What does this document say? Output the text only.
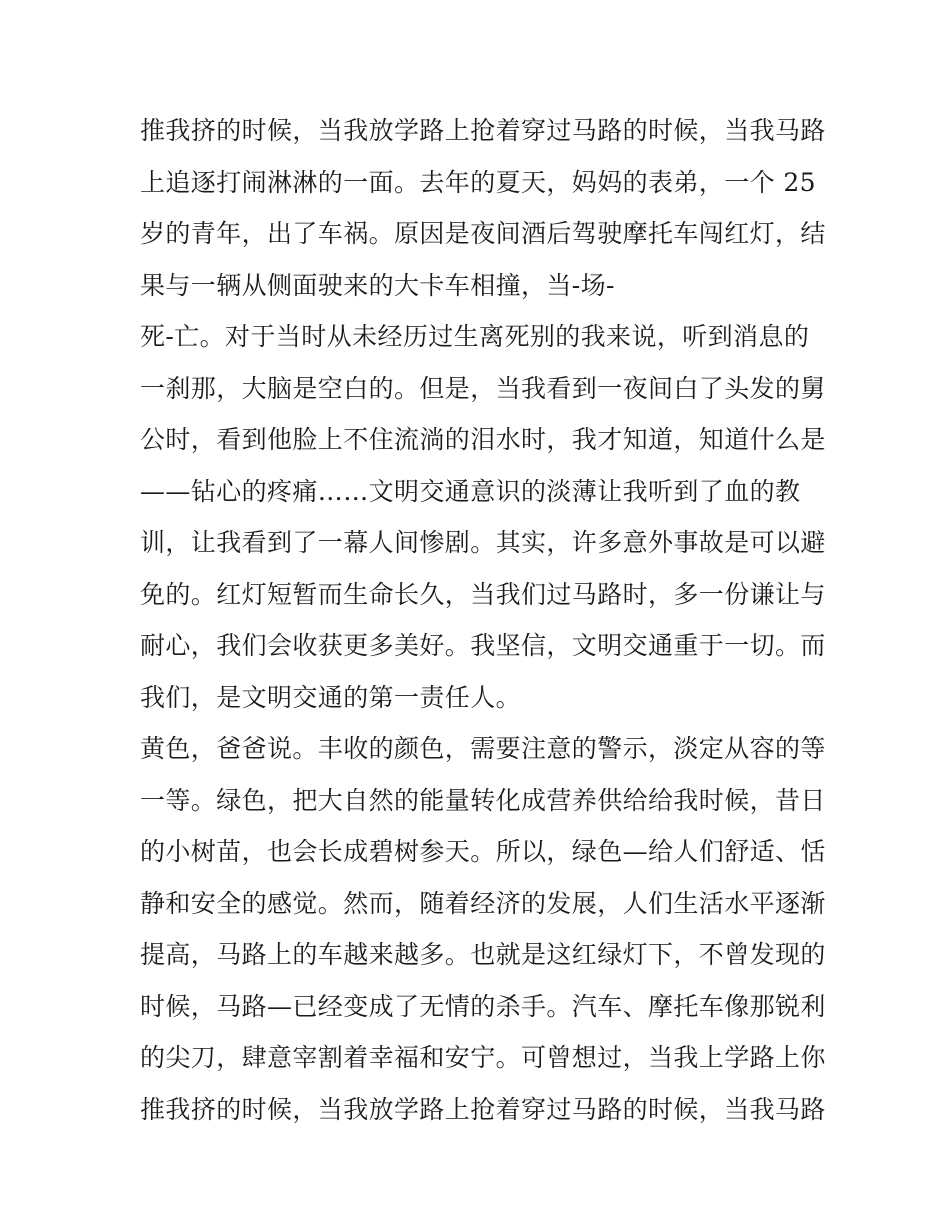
推我挤的时候，当我放学路上抢着穿过马路的时候，当我马路
上追逐打闹淋淋的一面。去年的夏天，妈妈的表弟，一个 25
岁的青年，出了车祸。原因是夜间酒后驾驶摩托车闯红灯，结
果与一辆从侧面驶来的大卡车相撞，当-场-
死-亡。对于当时从未经历过生离死别的我来说，听到消息的
一刹那，大脑是空白的。但是，当我看到一夜间白了头发的舅
公时，看到他脸上不住流淌的泪水时，我才知道，知道什么是
——钻心的疼痛……文明交通意识的淡薄让我听到了血的教
训，让我看到了一幕人间惨剧。其实，许多意外事故是可以避
免的。红灯短暂而生命长久，当我们过马路时，多一份谦让与
耐心，我们会收获更多美好。我坚信，文明交通重于一切。而
我们，是文明交通的第一责任人。
黄色，爸爸说。丰收的颜色，需要注意的警示，淡定从容的等
一等。绿色，把大自然的能量转化成营养供给给我时候，昔日
的小树苗，也会长成碧树参天。所以，绿色—给人们舒适、恬
静和安全的感觉。然而，随着经济的发展，人们生活水平逐渐
提高，马路上的车越来越多。也就是这红绿灯下，不曾发现的
时候，马路—已经变成了无情的杀手。汽车、摩托车像那锐利
的尖刀，肆意宰割着幸福和安宁。可曾想过，当我上学路上你
推我挤的时候，当我放学路上抢着穿过马路的时候，当我马路
